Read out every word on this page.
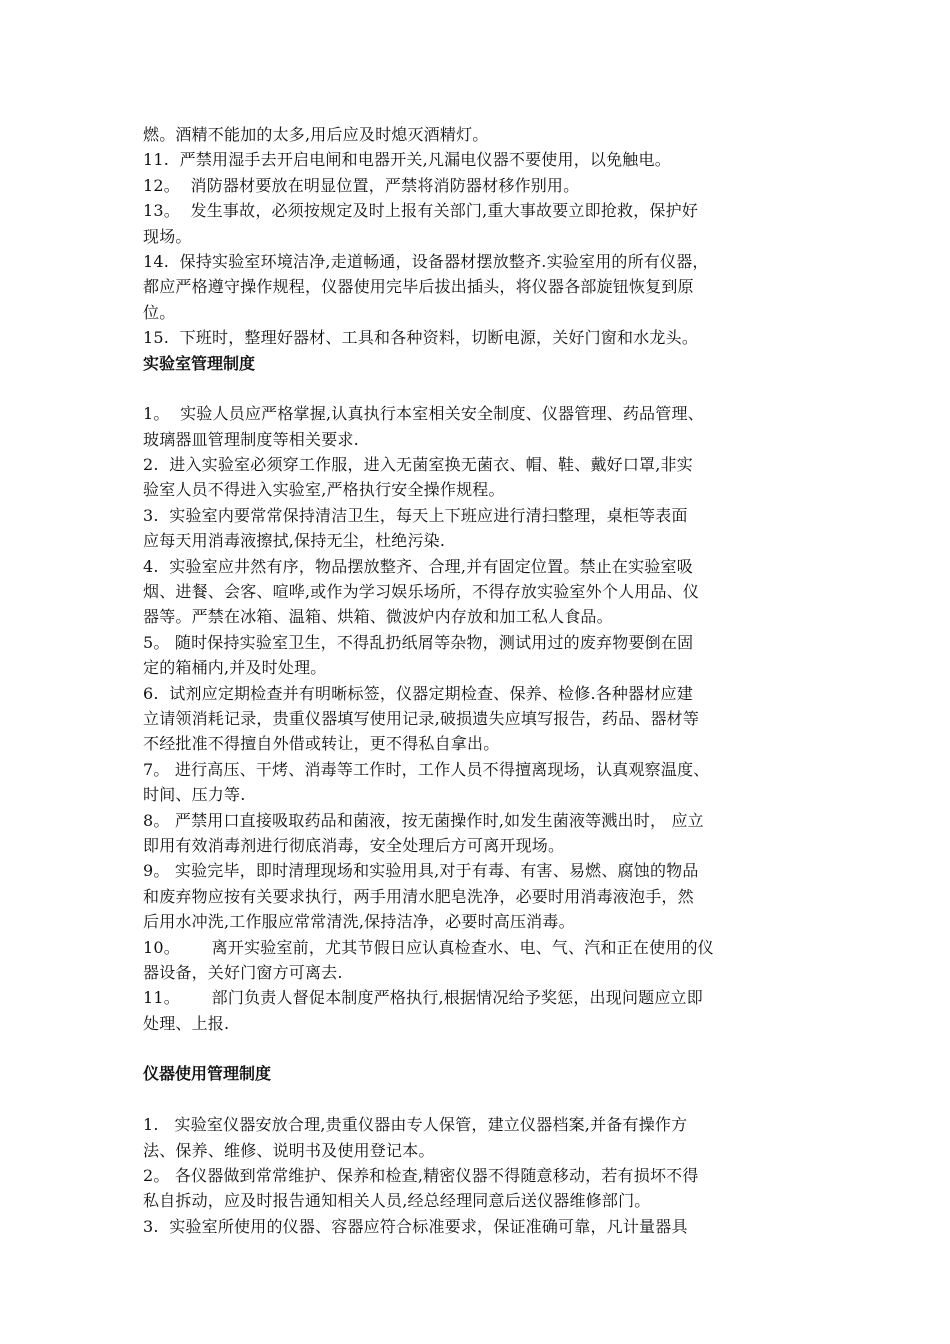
燃。酒精不能加的太多,用后应及时熄灭酒精灯。
11.  严禁用湿手去开启电闸和电器开关,凡漏电仪器不要使用，以免触电。
12。  消防器材要放在明显位置，严禁将消防器材移作别用。
13。  发生事故，必须按规定及时上报有关部门,重大事故要立即抢救，保护好
现场。
14.  保持实验室环境洁净,走道畅通，设备器材摆放整齐.实验室用的所有仪器，
都应严格遵守操作规程，仪器使用完毕后拔出插头，将仪器各部旋钮恢复到原
位。
15.  下班时，整理好器材、工具和各种资料，切断电源，关好门窗和水龙头。
实验室管理制度
1。  实验人员应严格掌握,认真执行本室相关安全制度、仪器管理、药品管理、
玻璃器皿管理制度等相关要求.
2.  进入实验室必须穿工作服，进入无菌室换无菌衣、帽、鞋、戴好口罩,非实
验室人员不得进入实验室,严格执行安全操作规程。
3.  实验室内要常常保持清洁卫生，每天上下班应进行清扫整理，桌柜等表面
应每天用消毒液擦拭,保持无尘，杜绝污染.
4.  实验室应井然有序，物品摆放整齐、合理,并有固定位置。禁止在实验室吸
烟、进餐、会客、喧哗,或作为学习娱乐场所，不得存放实验室外个人用品、仪
器等。严禁在冰箱、温箱、烘箱、微波炉内存放和加工私人食品。
5。 随时保持实验室卫生，不得乱扔纸屑等杂物，测试用过的废弃物要倒在固
定的箱桶内,并及时处理。
6.  试剂应定期检查并有明晰标签，仪器定期检查、保养、检修.各种器材应建
立请领消耗记录，贵重仪器填写使用记录,破损遗失应填写报告，药品、器材等
不经批准不得擅自外借或转让，更不得私自拿出。
7。 进行高压、干烤、消毒等工作时，工作人员不得擅离现场，认真观察温度、
时间、压力等.
8。 严禁用口直接吸取药品和菌液，按无菌操作时,如发生菌液等溅出时， 应立
即用有效消毒剂进行彻底消毒，安全处理后方可离开现场。
9。 实验完毕，即时清理现场和实验用具,对于有毒、有害、易燃、腐蚀的物品
和废弃物应按有关要求执行，两手用清水肥皂洗净，必要时用消毒液泡手，然
后用水冲洗,工作服应常常清洗,保持洁净，必要时高压消毒。
10。      离开实验室前，尤其节假日应认真检查水、电、气、汽和正在使用的仪
器设备，关好门窗方可离去.
11。      部门负责人督促本制度严格执行,根据情况给予奖惩，出现问题应立即
处理、上报.
仪器使用管理制度
1.   实验室仪器安放合理,贵重仪器由专人保管，建立仪器档案,并备有操作方
法、保养、维修、说明书及使用登记本。
2。 各仪器做到常常维护、保养和检查,精密仪器不得随意移动，若有损坏不得
私自拆动，应及时报告通知相关人员,经总经理同意后送仪器维修部门。
3.  实验室所使用的仪器、容器应符合标准要求，保证准确可靠，凡计量器具
